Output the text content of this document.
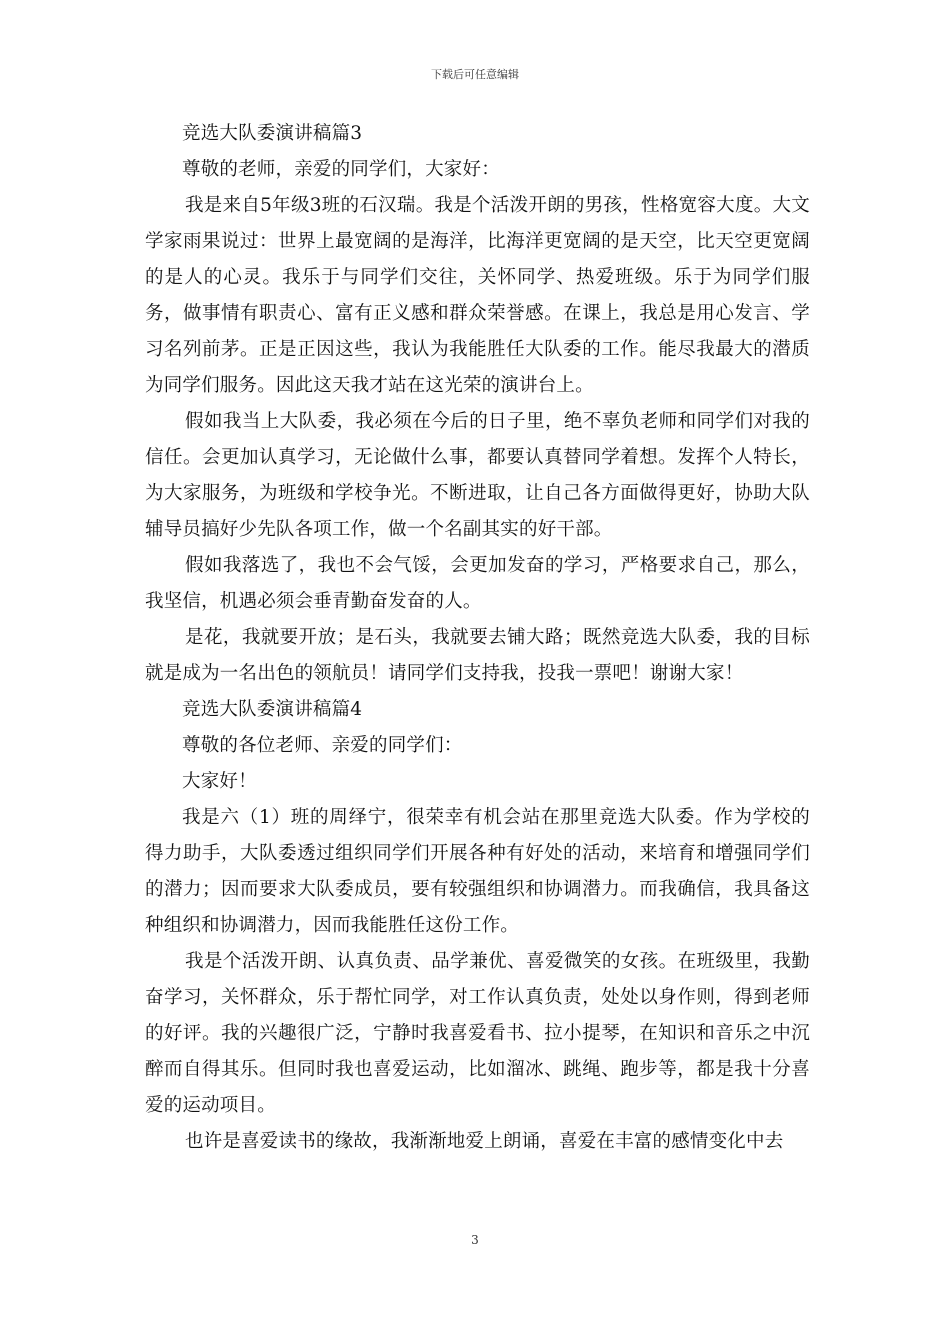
下载后可任意编辑

竞选大队委演讲稿篇3

尊敬的老师，亲爱的同学们，大家好：

我是来自5年级3班的石汉瑞。我是个活泼开朗的男孩，性格宽容大度。大文学家雨果说过：世界上最宽阔的是海洋，比海洋更宽阔的是天空，比天空更宽阔的是人的心灵。我乐于与同学们交往，关怀同学、热爱班级。乐于为同学们服务，做事情有职责心、富有正义感和群众荣誉感。在课上，我总是用心发言、学习名列前茅。正是正因这些，我认为我能胜任大队委的工作。能尽我最大的潜质为同学们服务。因此这天我才站在这光荣的演讲台上。

假如我当上大队委，我必须在今后的日子里，绝不辜负老师和同学们对我的信任。会更加认真学习，无论做什么事，都要认真替同学着想。发挥个人特长，为大家服务，为班级和学校争光。不断进取，让自己各方面做得更好，协助大队辅导员搞好少先队各项工作，做一个名副其实的好干部。

假如我落选了，我也不会气馁，会更加发奋的学习，严格要求自己，那么，我坚信，机遇必须会垂青勤奋发奋的人。

是花，我就要开放；是石头，我就要去铺大路；既然竞选大队委，我的目标就是成为一名出色的领航员！请同学们支持我，投我一票吧！谢谢大家！

竞选大队委演讲稿篇4

尊敬的各位老师、亲爱的同学们：

大家好！

我是六（1）班的周绎宁，很荣幸有机会站在那里竞选大队委。作为学校的得力助手，大队委透过组织同学们开展各种有好处的活动，来培育和增强同学们的潜力；因而要求大队委成员，要有较强组织和协调潜力。而我确信，我具备这种组织和协调潜力，因而我能胜任这份工作。

我是个活泼开朗、认真负责、品学兼优、喜爱微笑的女孩。在班级里，我勤奋学习，关怀群众，乐于帮忙同学，对工作认真负责，处处以身作则，得到老师的好评。我的兴趣很广泛，宁静时我喜爱看书、拉小提琴，在知识和音乐之中沉醉而自得其乐。但同时我也喜爱运动，比如溜冰、跳绳、跑步等，都是我十分喜爱的运动项目。

也许是喜爱读书的缘故，我渐渐地爱上朗诵，喜爱在丰富的感情变化中去

3
